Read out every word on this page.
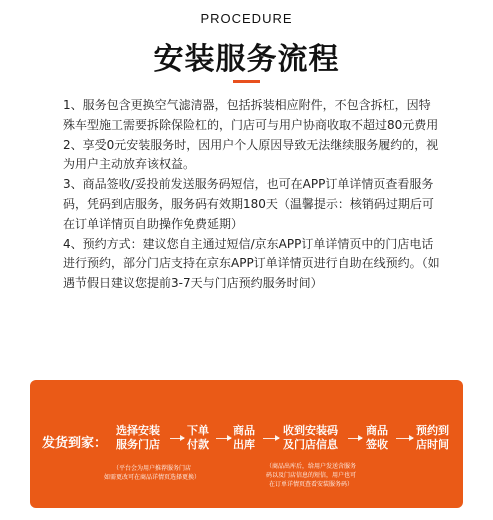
PROCEDURE
安装服务流程
1、服务包含更换空气滤清器，包括拆装相应附件，不包含拆杠，因特殊车型施工需要拆除保险杠的，门店可与用户协商收取不超过80元费用
2、享受0元安装服务时，因用户个人原因导致无法继续服务履约的，视为用户主动放弃该权益。
3、商品签收/妥投前发送服务码短信，也可在APP订单详情页查看服务码，凭码到店服务，服务码有效期180天（温馨提示：核销码过期后可在订单详情页自助操作免费延期）
4、预约方式：建议您自主通过短信/京东APP订单详情页中的门店电话进行预约，部分门店支持在京东APP订单详情页进行自助在线预约。（如遇节假日建议您提前3-7天与门店预约服务时间）
发货到家：
选择安装
服务门店
下单
付款
商品
出库
收到安装码
及门店信息
商品
签收
预约到
店时间
（平台会为用户推荐服务门店
如需更改可在商品详情页选择更换）
（商品出库后，给用户发送含服务
码以及门店信息的短信，用户也可
在订单详情页查看安装服务码）
